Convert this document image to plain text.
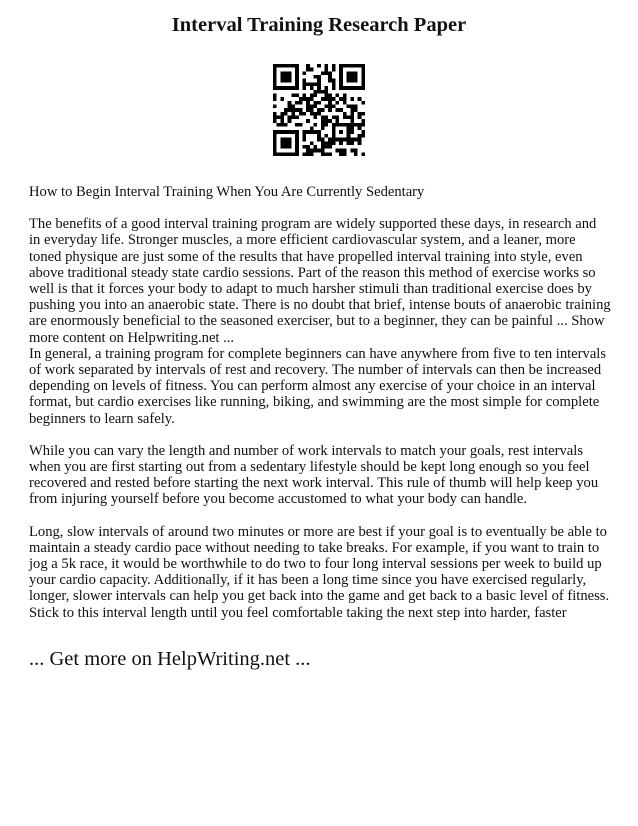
Interval Training Research Paper

How to Begin Interval Training When You Are Currently Sedentary

The benefits of a good interval training program are widely supported these days, in research and in everyday life. Stronger muscles, a more efficient cardiovascular system, and a leaner, more toned physique are just some of the results that have propelled interval training into style, even above traditional steady state cardio sessions. Part of the reason this method of exercise works so well is that it forces your body to adapt to much harsher stimuli than traditional exercise does by pushing you into an anaerobic state. There is no doubt that brief, intense bouts of anaerobic training are enormously beneficial to the seasoned exerciser, but to a beginner, they can be painful ... Show more content on Helpwriting.net ...

In general, a training program for complete beginners can have anywhere from five to ten intervals of work separated by intervals of rest and recovery. The number of intervals can then be increased depending on levels of fitness. You can perform almost any exercise of your choice in an interval format, but cardio exercises like running, biking, and swimming are the most simple for complete beginners to learn safely.

While you can vary the length and number of work intervals to match your goals, rest intervals when you are first starting out from a sedentary lifestyle should be kept long enough so you feel recovered and rested before starting the next work interval. This rule of thumb will help keep you from injuring yourself before you become accustomed to what your body can handle.

Long, slow intervals of around two minutes or more are best if your goal is to eventually be able to maintain a steady cardio pace without needing to take breaks. For example, if you want to train to jog a 5k race, it would be worthwhile to do two to four long interval sessions per week to build up your cardio capacity. Additionally, if it has been a long time since you have exercised regularly, longer, slower intervals can help you get back into the game and get back to a basic level of fitness. Stick to this interval length until you feel comfortable taking the next step into harder, faster

... Get more on HelpWriting.net ...
